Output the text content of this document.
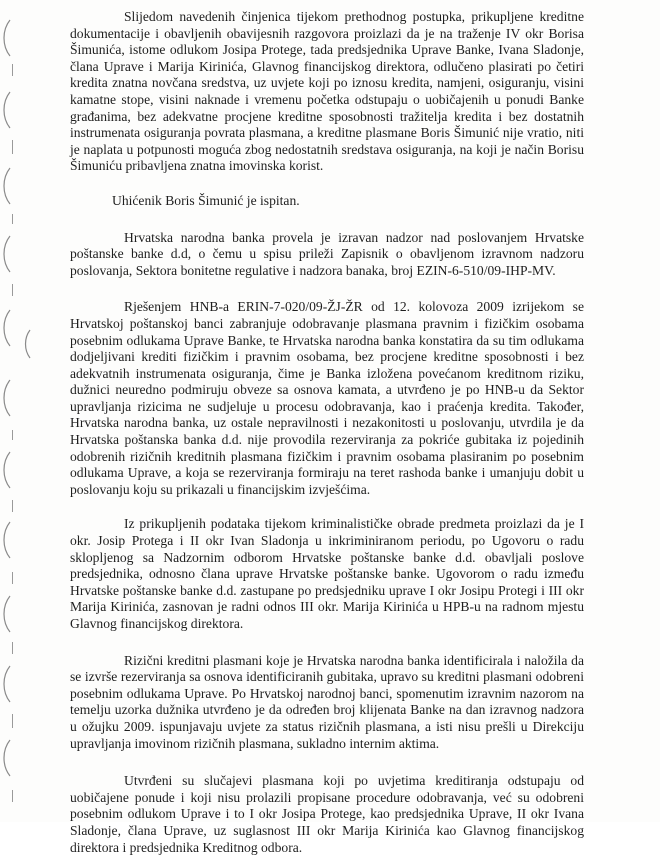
Slijedom navedenih činjenica tijekom prethodnog postupka, prikupljene kreditne dokumentacije i obavljenih obavijesnih razgovora proizlazi da je na traženje IV okr Borisa Šimunića, istome odlukom Josipa Protege, tada predsjednika Uprave Banke, Ivana Sladonje, člana Uprave i Marija Kirinića, Glavnog financijskog direktora, odlučeno plasirati po četiri kredita znatna novčana sredstva, uz uvjete koji po iznosu kredita, namjeni, osiguranju, visini kamatne stope, visini naknade i vremenu početka odstupaju o uobičajenih u ponudi Banke građanima, bez adekvatne procjene kreditne sposobnosti tražitelja kredita i bez dostatnih instrumenata osiguranja povrata plasmana, a kreditne plasmane Boris Šimunić nije vratio, niti je naplata u potpunosti moguća zbog nedostatnih sredstava osiguranja, na koji je način Borisu Šimuniću pribavljena znatna imovinska korist.

Uhićenik Boris Šimunić je ispitan.

Hrvatska narodna banka provela je izravan nadzor nad poslovanjem Hrvatske poštanske banke d.d, o čemu u spisu prileži Zapisnik o obavljenom izravnom nadzoru poslovanja, Sektora bonitetne regulative i nadzora banaka, broj EZIN-6-510/09-IHP-MV.

Rješenjem HNB-a ERIN-7-020/09-ŽJ-ŽR od 12. kolovoza 2009 izrijekom se Hrvatskoj poštanskoj banci zabranjuje odobravanje plasmana pravnim i fizičkim osobama posebnim odlukama Uprave Banke, te Hrvatska narodna banka konstatira da su tim odlukama dodjeljivani krediti fizičkim i pravnim osobama, bez procjene kreditne sposobnosti i bez adekvatnih instrumenata osiguranja, čime je Banka izložena povećanom kreditnom riziku, dužnici neuredno podmiruju obveze sa osnova kamata, a utvrđeno je po HNB-u da Sektor upravljanja rizicima ne sudjeluje u procesu odobravanja, kao i praćenja kredita. Također, Hrvatska narodna banka, uz ostale nepravilnosti i nezakonitosti u poslovanju, utvrdila je da Hrvatska poštanska banka d.d. nije provodila rezerviranja za pokriće gubitaka iz pojedinih odobrenih rizičnih kreditnih plasmana fizičkim i pravnim osobama plasiranim po posebnim odlukama Uprave, a koja se rezerviranja formiraju na teret rashoda banke i umanjuju dobit u poslovanju koju su prikazali u financijskim izvješćima.

Iz prikupljenih podataka tijekom kriminalističke obrade predmeta proizlazi da je I okr. Josip Protega i II okr Ivan Sladonja u inkriminiranom periodu, po Ugovoru o radu sklopljenog sa Nadzornim odborom Hrvatske poštanske banke d.d. obavljali poslove predsjednika, odnosno člana uprave Hrvatske poštanske banke. Ugovorom o radu između Hrvatske poštanske banke d.d. zastupane po predsjedniku uprave I okr Josipu Protegi i III okr Marija Kirinića, zasnovan je radni odnos III okr. Marija Kirinića u HPB-u na radnom mjestu Glavnog financijskog direktora.

Rizični kreditni plasmani koje je Hrvatska narodna banka identificirala i naložila da se izvrše rezerviranja sa osnova identificiranih gubitaka, upravo su kreditni plasmani odobreni posebnim odlukama Uprave. Po Hrvatskoj narodnoj banci, spomenutim izravnim nazorom na temelju uzorka dužnika utvrđeno je da određen broj klijenata Banke na dan izravnog nadzora u ožujku 2009. ispunjavaju uvjete za status rizičnih plasmana, a isti nisu prešli u Direkciju upravljanja imovinom rizičnih plasmana, sukladno internim aktima.

Utvrđeni su slučajevi plasmana koji po uvjetima kreditiranja odstupaju od uobičajene ponude i koji nisu prolazili propisane procedure odobravanja, već su odobreni posebnim odlukom Uprave i to I okr Josipa Protege, kao predsjednika Uprave, II okr Ivana Sladonje, člana Uprave, uz suglasnost III okr Marija Kirinića kao Glavnog financijskog direktora i predsjednika Kreditnog odbora.
